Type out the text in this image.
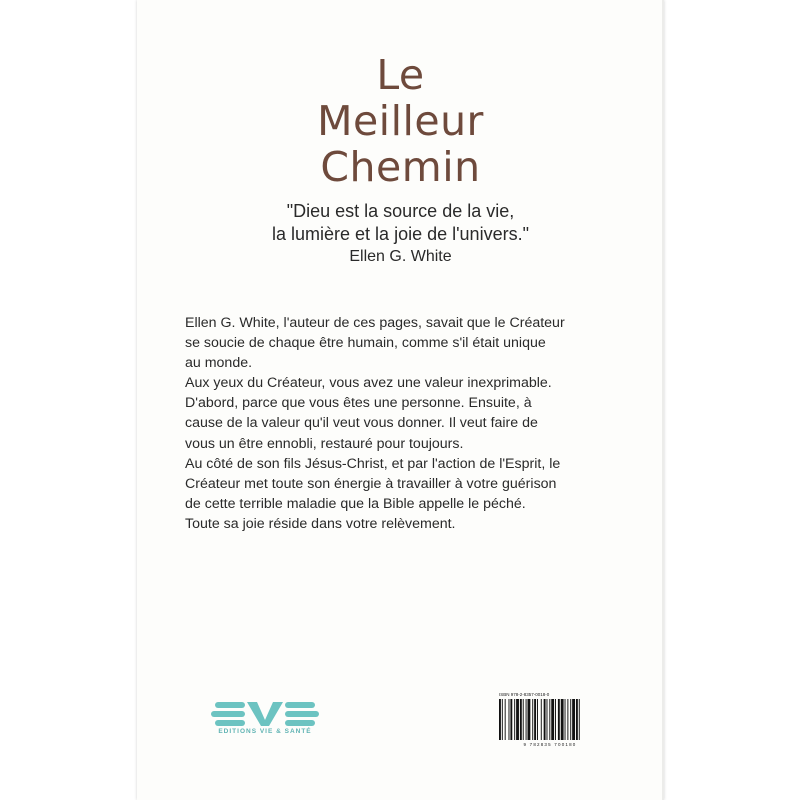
Le
Meilleur
Chemin
"Dieu est la source de la vie,
la lumière et la joie de l'univers."
Ellen G. White
Ellen G. White, l'auteur de ces pages, savait que le Créateur
se soucie de chaque être humain, comme s'il était unique
au monde.
Aux yeux du Créateur, vous avez une valeur inexprimable.
D'abord, parce que vous êtes une personne. Ensuite, à
cause de la valeur qu'il veut vous donner. Il veut faire de
vous un être ennobli, restauré pour toujours.
Au côté de son fils Jésus-Christ, et par l'action de l'Esprit, le
Créateur met toute son énergie à travailler à votre guérison
de cette terrible maladie que la Bible appelle le péché.
Toute sa joie réside dans votre relèvement.
EDITIONS VIE & SANTÉ
ISBN 978-2-8357-0018-0
9 782835 700180
